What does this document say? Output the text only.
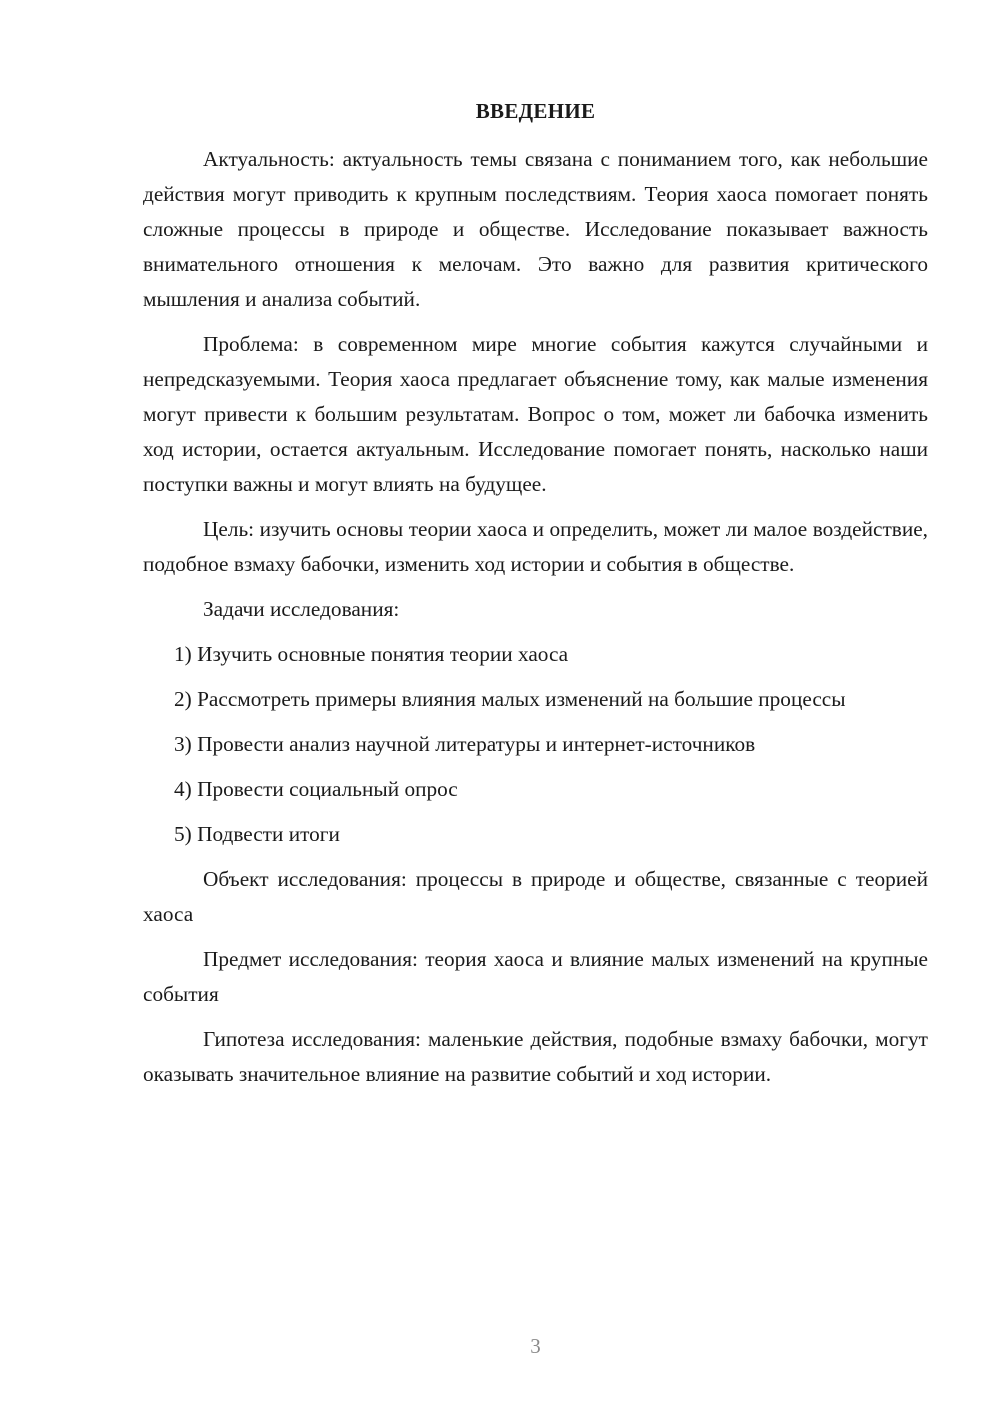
ВВЕДЕНИЕ

Актуальность: актуальность темы связана с пониманием того, как небольшие действия могут приводить к крупным последствиям. Теория хаоса помогает понять сложные процессы в природе и обществе. Исследование показывает важность внимательного отношения к мелочам. Это важно для развития критического мышления и анализа событий.

Проблема: в современном мире многие события кажутся случайными и непредсказуемыми. Теория хаоса предлагает объяснение тому, как малые изменения могут привести к большим результатам. Вопрос о том, может ли бабочка изменить ход истории, остается актуальным. Исследование помогает понять, насколько наши поступки важны и могут влиять на будущее.

Цель: изучить основы теории хаоса и определить, может ли малое воздействие, подобное взмаху бабочки, изменить ход истории и события в обществе.

Задачи исследования:

1) Изучить основные понятия теории хаоса

2) Рассмотреть примеры влияния малых изменений на большие процессы

3) Провести анализ научной литературы и интернет-источников

4) Провести социальный опрос

5) Подвести итоги

Объект исследования: процессы в природе и обществе, связанные с теорией хаоса

Предмет исследования: теория хаоса и влияние малых изменений на крупные события

Гипотеза исследования: маленькие действия, подобные взмаху бабочки, могут оказывать значительное влияние на развитие событий и ход истории.

3
